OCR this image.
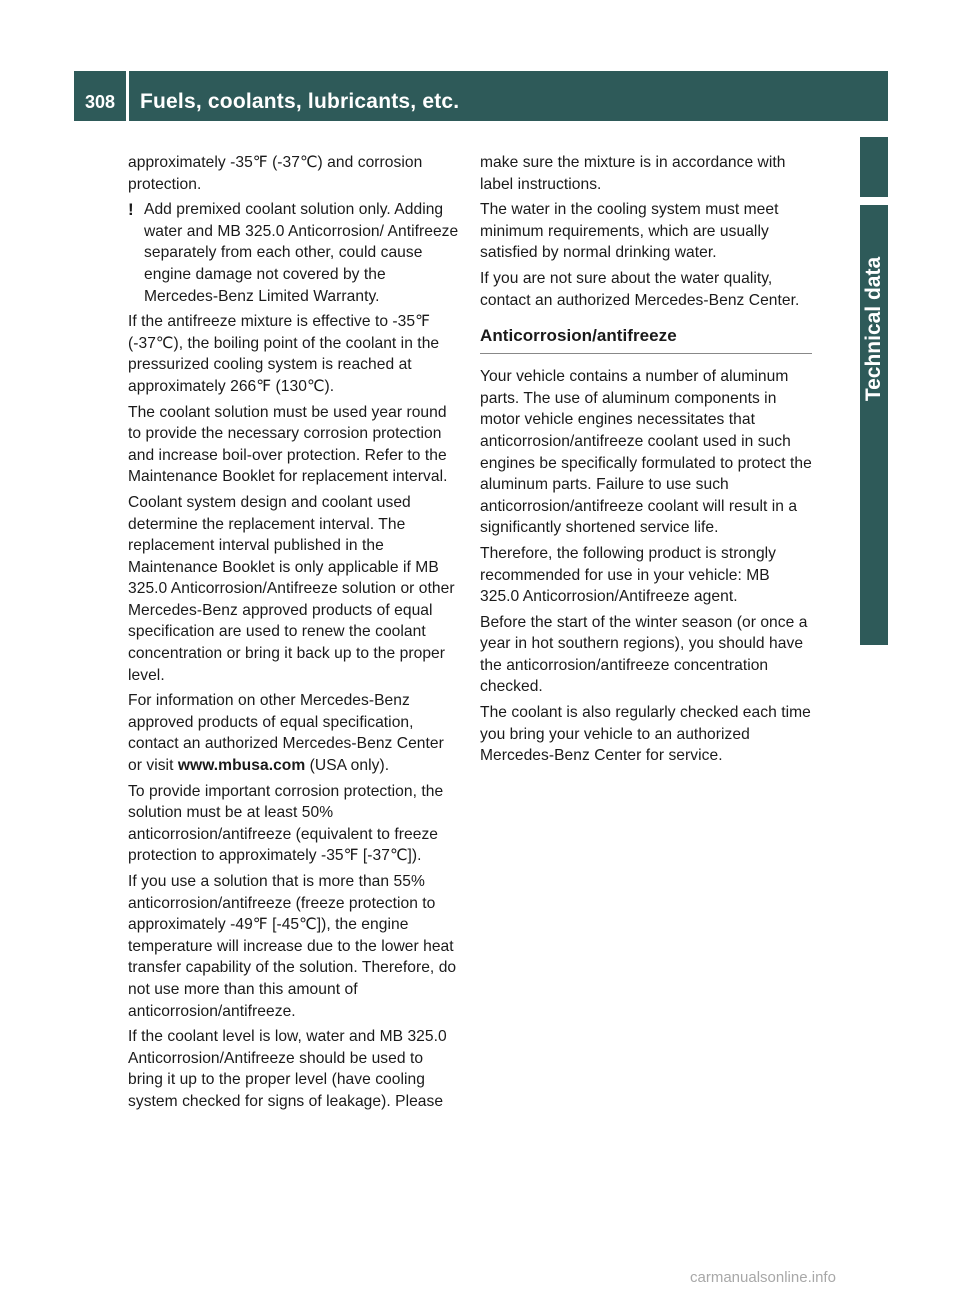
308	Fuels, coolants, lubricants, etc.
Technical data

approximately -35℉ (-37℃) and corrosion protection.

! Add premixed coolant solution only. Adding water and MB 325.0 Anticorrosion/ Antifreeze separately from each other, could cause engine damage not covered by the Mercedes-Benz Limited Warranty.

If the antifreeze mixture is effective to -35℉ (-37℃), the boiling point of the coolant in the pressurized cooling system is reached at approximately 266℉ (130℃).

The coolant solution must be used year round to provide the necessary corrosion protection and increase boil-over protection. Refer to the Maintenance Booklet for replacement interval.

Coolant system design and coolant used determine the replacement interval. The replacement interval published in the Maintenance Booklet is only applicable if MB 325.0 Anticorrosion/Antifreeze solution or other Mercedes-Benz approved products of equal specification are used to renew the coolant concentration or bring it back up to the proper level.

For information on other Mercedes-Benz approved products of equal specification, contact an authorized Mercedes-Benz Center or visit www.mbusa.com (USA only).

To provide important corrosion protection, the solution must be at least 50% anticorrosion/antifreeze (equivalent to freeze protection to approximately -35℉ [-37℃]).

If you use a solution that is more than 55% anticorrosion/antifreeze (freeze protection to approximately -49℉ [-45℃]), the engine temperature will increase due to the lower heat transfer capability of the solution. Therefore, do not use more than this amount of anticorrosion/antifreeze.

If the coolant level is low, water and MB 325.0 Anticorrosion/Antifreeze should be used to bring it up to the proper level (have cooling system checked for signs of leakage). Please

make sure the mixture is in accordance with label instructions.

The water in the cooling system must meet minimum requirements, which are usually satisfied by normal drinking water.

If you are not sure about the water quality, contact an authorized Mercedes-Benz Center.

Anticorrosion/antifreeze

Your vehicle contains a number of aluminum parts. The use of aluminum components in motor vehicle engines necessitates that anticorrosion/antifreeze coolant used in such engines be specifically formulated to protect the aluminum parts. Failure to use such anticorrosion/antifreeze coolant will result in a significantly shortened service life.

Therefore, the following product is strongly recommended for use in your vehicle: MB 325.0 Anticorrosion/Antifreeze agent.

Before the start of the winter season (or once a year in hot southern regions), you should have the anticorrosion/antifreeze concentration checked.

The coolant is also regularly checked each time you bring your vehicle to an authorized Mercedes-Benz Center for service.

carmanualsonline.info
